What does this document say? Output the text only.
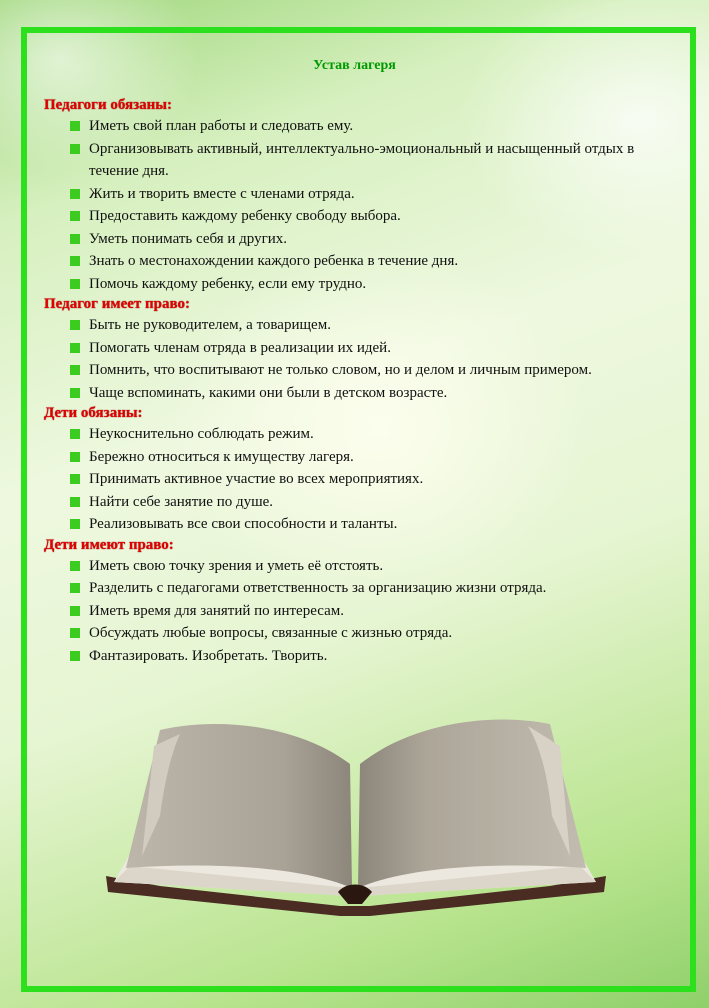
Устав лагеря
Педагоги обязаны:
Иметь свой план работы и следовать ему.
Организовывать активный, интеллектуально-эмоциональный и насыщенный отдых в течение дня.
Жить и творить вместе с членами отряда.
Предоставить каждому ребенку свободу выбора.
Уметь понимать себя и других.
Знать о местонахождении каждого ребенка в течение дня.
Помочь каждому ребенку, если ему трудно.
Педагог имеет право:
Быть не руководителем, а товарищем.
Помогать членам отряда в реализации их идей.
Помнить, что воспитывают не только словом, но и делом и личным примером.
Чаще вспоминать, какими они были в детском возрасте.
Дети обязаны:
Неукоснительно соблюдать режим.
Бережно относиться к имуществу лагеря.
Принимать активное участие во всех мероприятиях.
Найти себе занятие по душе.
Реализовывать все свои способности и таланты.
Дети имеют право:
Иметь свою точку зрения и уметь её отстоять.
Разделить с педагогами ответственность за организацию жизни отряда.
Иметь время для занятий по интересам.
Обсуждать любые вопросы, связанные с жизнью отряда.
Фантазировать. Изобретать. Творить.
